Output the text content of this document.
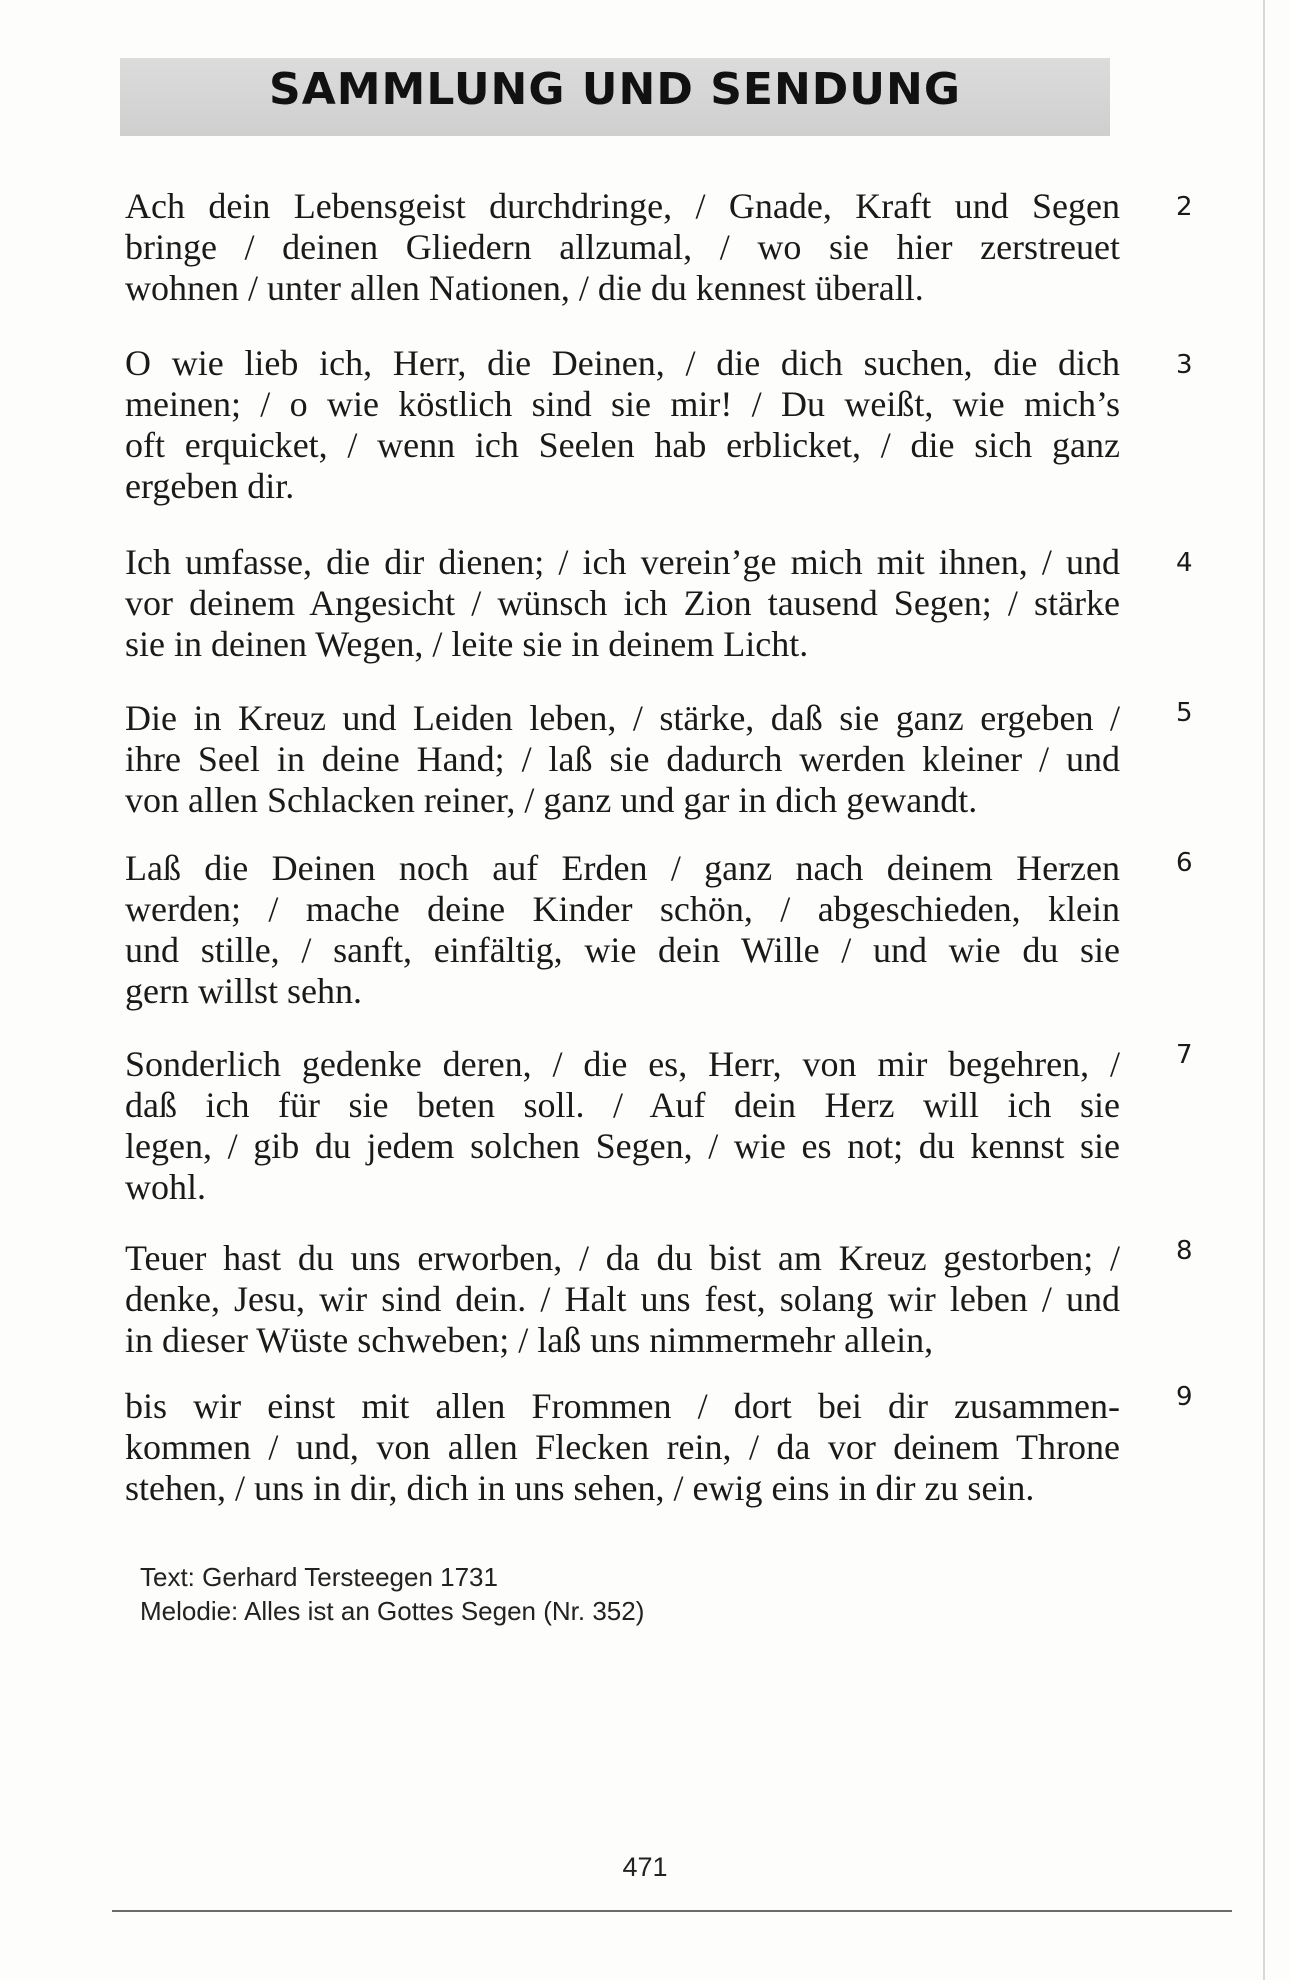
SAMMLUNG UND SENDUNG
Ach dein Lebensgeist durchdringe, / Gnade, Kraft und Segen
bringe / deinen Gliedern allzumal, / wo sie hier zerstreuet
wohnen / unter allen Nationen, / die du kennest überall.
2
O wie lieb ich, Herr, die Deinen, / die dich suchen, die dich
meinen; / o wie köstlich sind sie mir! / Du weißt, wie mich’s
oft erquicket, / wenn ich Seelen hab erblicket, / die sich ganz
ergeben dir.
3
Ich umfasse, die dir dienen; / ich verein’ge mich mit ihnen, / und
vor deinem Angesicht / wünsch ich Zion tausend Segen; / stärke
sie in deinen Wegen, / leite sie in deinem Licht.
4
Die in Kreuz und Leiden leben, / stärke, daß sie ganz ergeben /
ihre Seel in deine Hand; / laß sie dadurch werden kleiner / und
von allen Schlacken reiner, / ganz und gar in dich gewandt.
5
Laß die Deinen noch auf Erden / ganz nach deinem Herzen
werden; / mache deine Kinder schön, / abgeschieden, klein
und stille, / sanft, einfältig, wie dein Wille / und wie du sie
gern willst sehn.
6
Sonderlich gedenke deren, / die es, Herr, von mir begehren, /
daß ich für sie beten soll. / Auf dein Herz will ich sie
legen, / gib du jedem solchen Segen, / wie es not; du kennst sie
wohl.
7
Teuer hast du uns erworben, / da du bist am Kreuz gestorben; /
denke, Jesu, wir sind dein. / Halt uns fest, solang wir leben / und
in dieser Wüste schweben; / laß uns nimmermehr allein,
8
bis wir einst mit allen Frommen / dort bei dir zusammen-
kommen / und, von allen Flecken rein, / da vor deinem Throne
stehen, / uns in dir, dich in uns sehen, / ewig eins in dir zu sein.
9
Text: Gerhard Tersteegen 1731
Melodie: Alles ist an Gottes Segen (Nr. 352)
471
